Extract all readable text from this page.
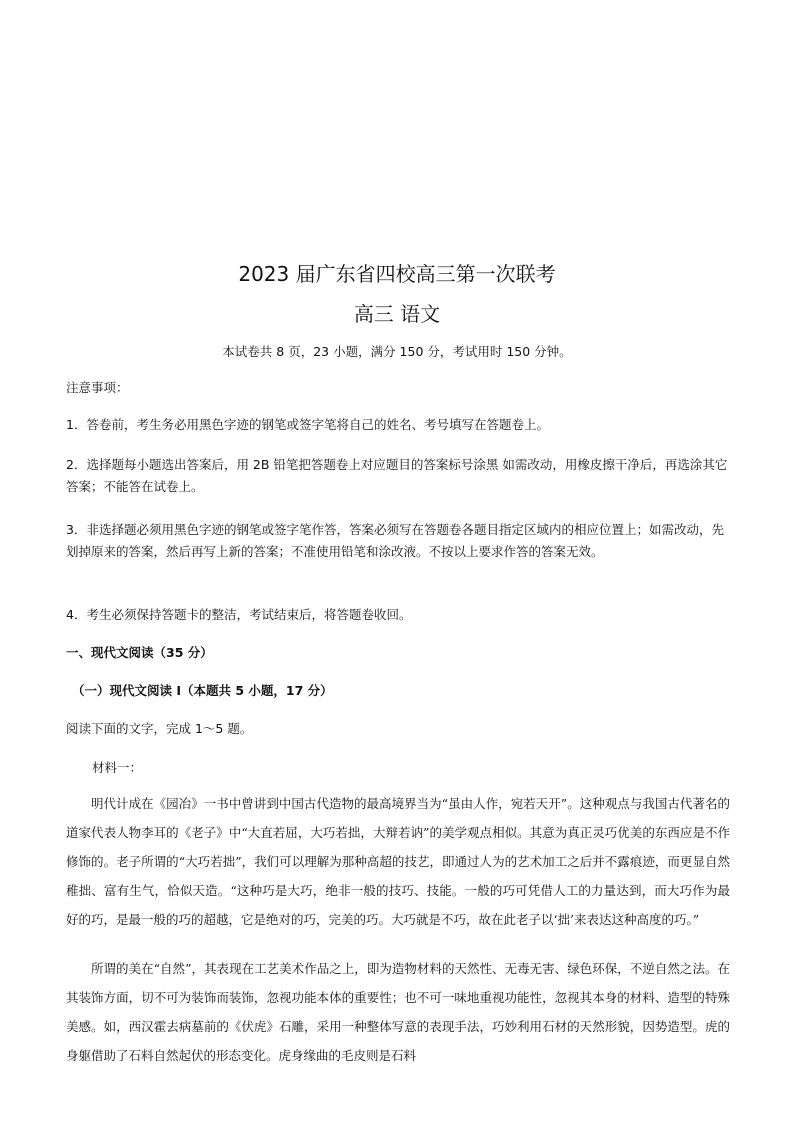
2023 届广东省四校高三第一次联考
高三 语文
本试卷共 8 页，23 小题，满分 150 分，考试用时 150 分钟。
注意事项：
1．答卷前，考生务必用黑色字迹的钢笔或签字笔将自己的姓名、考号填写在答题卷上。
2．选择题每小题选出答案后，用 2B 铅笔把答题卷上对应题目的答案标号涂黑 如需改动，用橡皮擦干净后，再选涂其它答案；不能答在试卷上。
3．非选择题必须用黑色字迹的钢笔或签字笔作答，答案必须写在答题卷各题目指定区域内的相应位置上；如需改动，先划掉原来的答案，然后再写上新的答案；不准使用铅笔和涂改液。不按以上要求作答的答案无效。
4．考生必须保持答题卡的整洁，考试结束后，将答题卷收回。
一、现代文阅读（35 分）
（一）现代文阅读 I（本题共 5 小题，17 分）
阅读下面的文字，完成 1～5 题。
材料一：
明代计成在《园冶》一书中曾讲到中国古代造物的最高境界当为“虽由人作，宛若天开”。这种观点与我国古代著名的道家代表人物李耳的《老子》中“大直若屈，大巧若拙，大辩若讷”的美学观点相似。其意为真正灵巧优美的东西应是不作修饰的。老子所谓的“大巧若拙”，我们可以理解为那种高超的技艺，即通过人为的艺术加工之后并不露痕迹，而更显自然稚拙、富有生气，恰似天造。“这种巧是大巧，绝非一般的技巧、技能。一般的巧可凭借人工的力量达到，而大巧作为最好的巧，是最一般的巧的超越，它是绝对的巧，完美的巧。大巧就是不巧，故在此老子以‘拙’来表达这种高度的巧。”
所谓的美在“自然”，其表现在工艺美术作品之上，即为造物材料的天然性、无毒无害、绿色环保，不逆自然之法。在其装饰方面，切不可为装饰而装饰，忽视功能本体的重要性；也不可一味地重视功能性，忽视其本身的材料、造型的特殊美感。如，西汉霍去病墓前的《伏虎》石雕，采用一种整体写意的表现手法，巧妙利用石材的天然形貌，因势造型。虎的身躯借助了石料自然起伏的形态变化。虎身缘曲的毛皮则是石料
